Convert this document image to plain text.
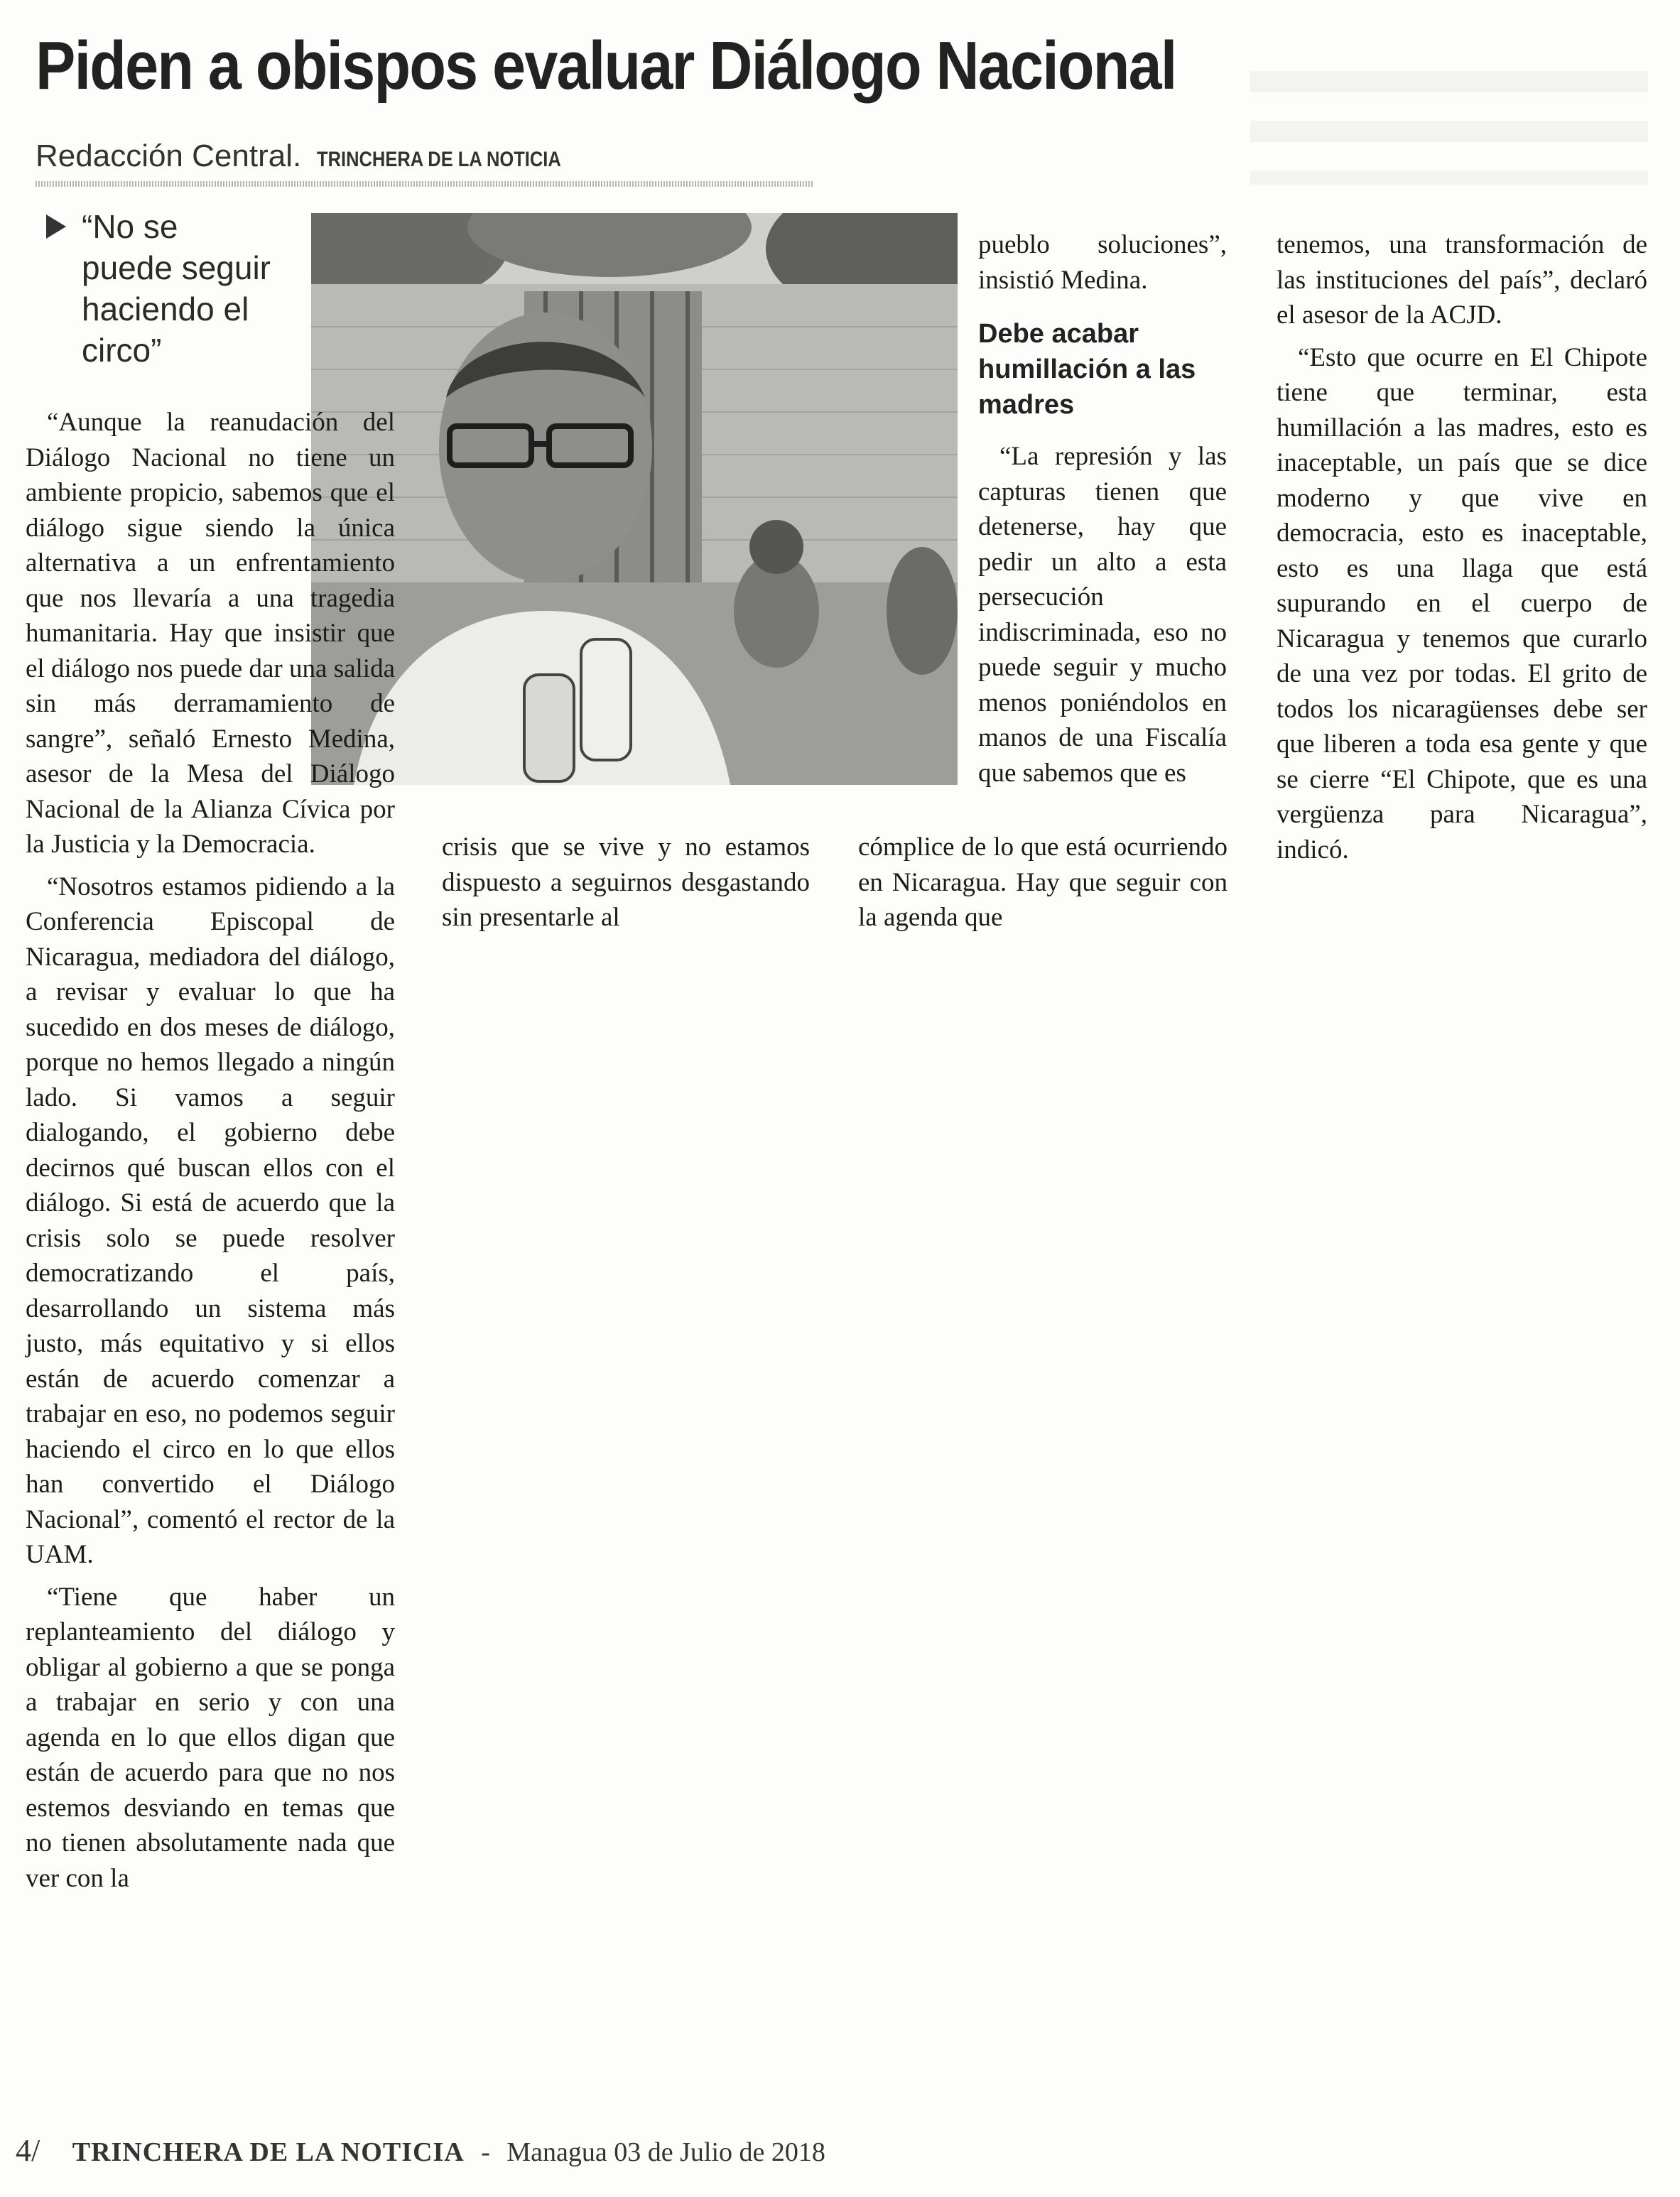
Piden a obispos evaluar Diálogo Nacional
Redacción Central. TRINCHERA DE LA NOTICIA
“No se puede seguir haciendo el circo”

“Aunque la reanudación del Diálogo Nacional no tiene un ambiente propicio, sabemos que el diálogo sigue siendo la única alternativa a un enfrentamiento que nos llevaría a una tragedia humanitaria. Hay que insistir que el diálogo nos puede dar una salida sin más derramamiento de sangre”, señaló Ernesto Medina, asesor de la Mesa del Diálogo Nacional de la Alianza Cívica por la Justicia y la Democracia.

“Nosotros estamos pidiendo a la Conferencia Episcopal de Nicaragua, mediadora del diálogo, a revisar y evaluar lo que ha sucedido en dos meses de diálogo, porque no hemos llegado a ningún lado. Si vamos a seguir dialogando, el gobierno debe decirnos qué buscan ellos con el diálogo. Si está de acuerdo que la crisis solo se puede resolver democratizando el país, desarrollando un sistema más justo, más equitativo y si ellos están de acuerdo comenzar a trabajar en eso, no podemos seguir haciendo el circo en lo que ellos han convertido el Diálogo Nacional”, comentó el rector de la UAM.

“Tiene que haber un replanteamiento del diálogo y obligar al gobierno a que se ponga a trabajar en serio y con una agenda en lo que ellos digan que están de acuerdo para que no nos estemos desviando en temas que no tienen absolutamente nada que ver con la

crisis que se vive y no estamos dispuesto a seguirnos desgastando sin presentarle al

pueblo soluciones”, insistió Medina.

Debe acabar humillación a las madres

“La represión y las capturas tienen que detenerse, hay que pedir un alto a esta persecución indiscriminada, eso no puede seguir y mucho menos poniéndolos en manos de una Fiscalía que sabemos que es

cómplice de lo que está ocurriendo en Nicaragua. Hay que seguir con la agenda que

tenemos, una transformación de las instituciones del país”, declaró el asesor de la ACJD.

“Esto que ocurre en El Chipote tiene que terminar, esta humillación a las madres, esto es inaceptable, un país que se dice moderno y que vive en democracia, esto es inaceptable, esto es una llaga que está supurando en el cuerpo de Nicaragua y tenemos que curarlo de una vez por todas. El grito de todos los nicaragüenses debe ser que liberen a toda esa gente y que se cierre “El Chipote, que es una vergüenza para Nicaragua”, indicó.

4/ TRINCHERA DE LA NOTICIA - Managua 03 de Julio de 2018
